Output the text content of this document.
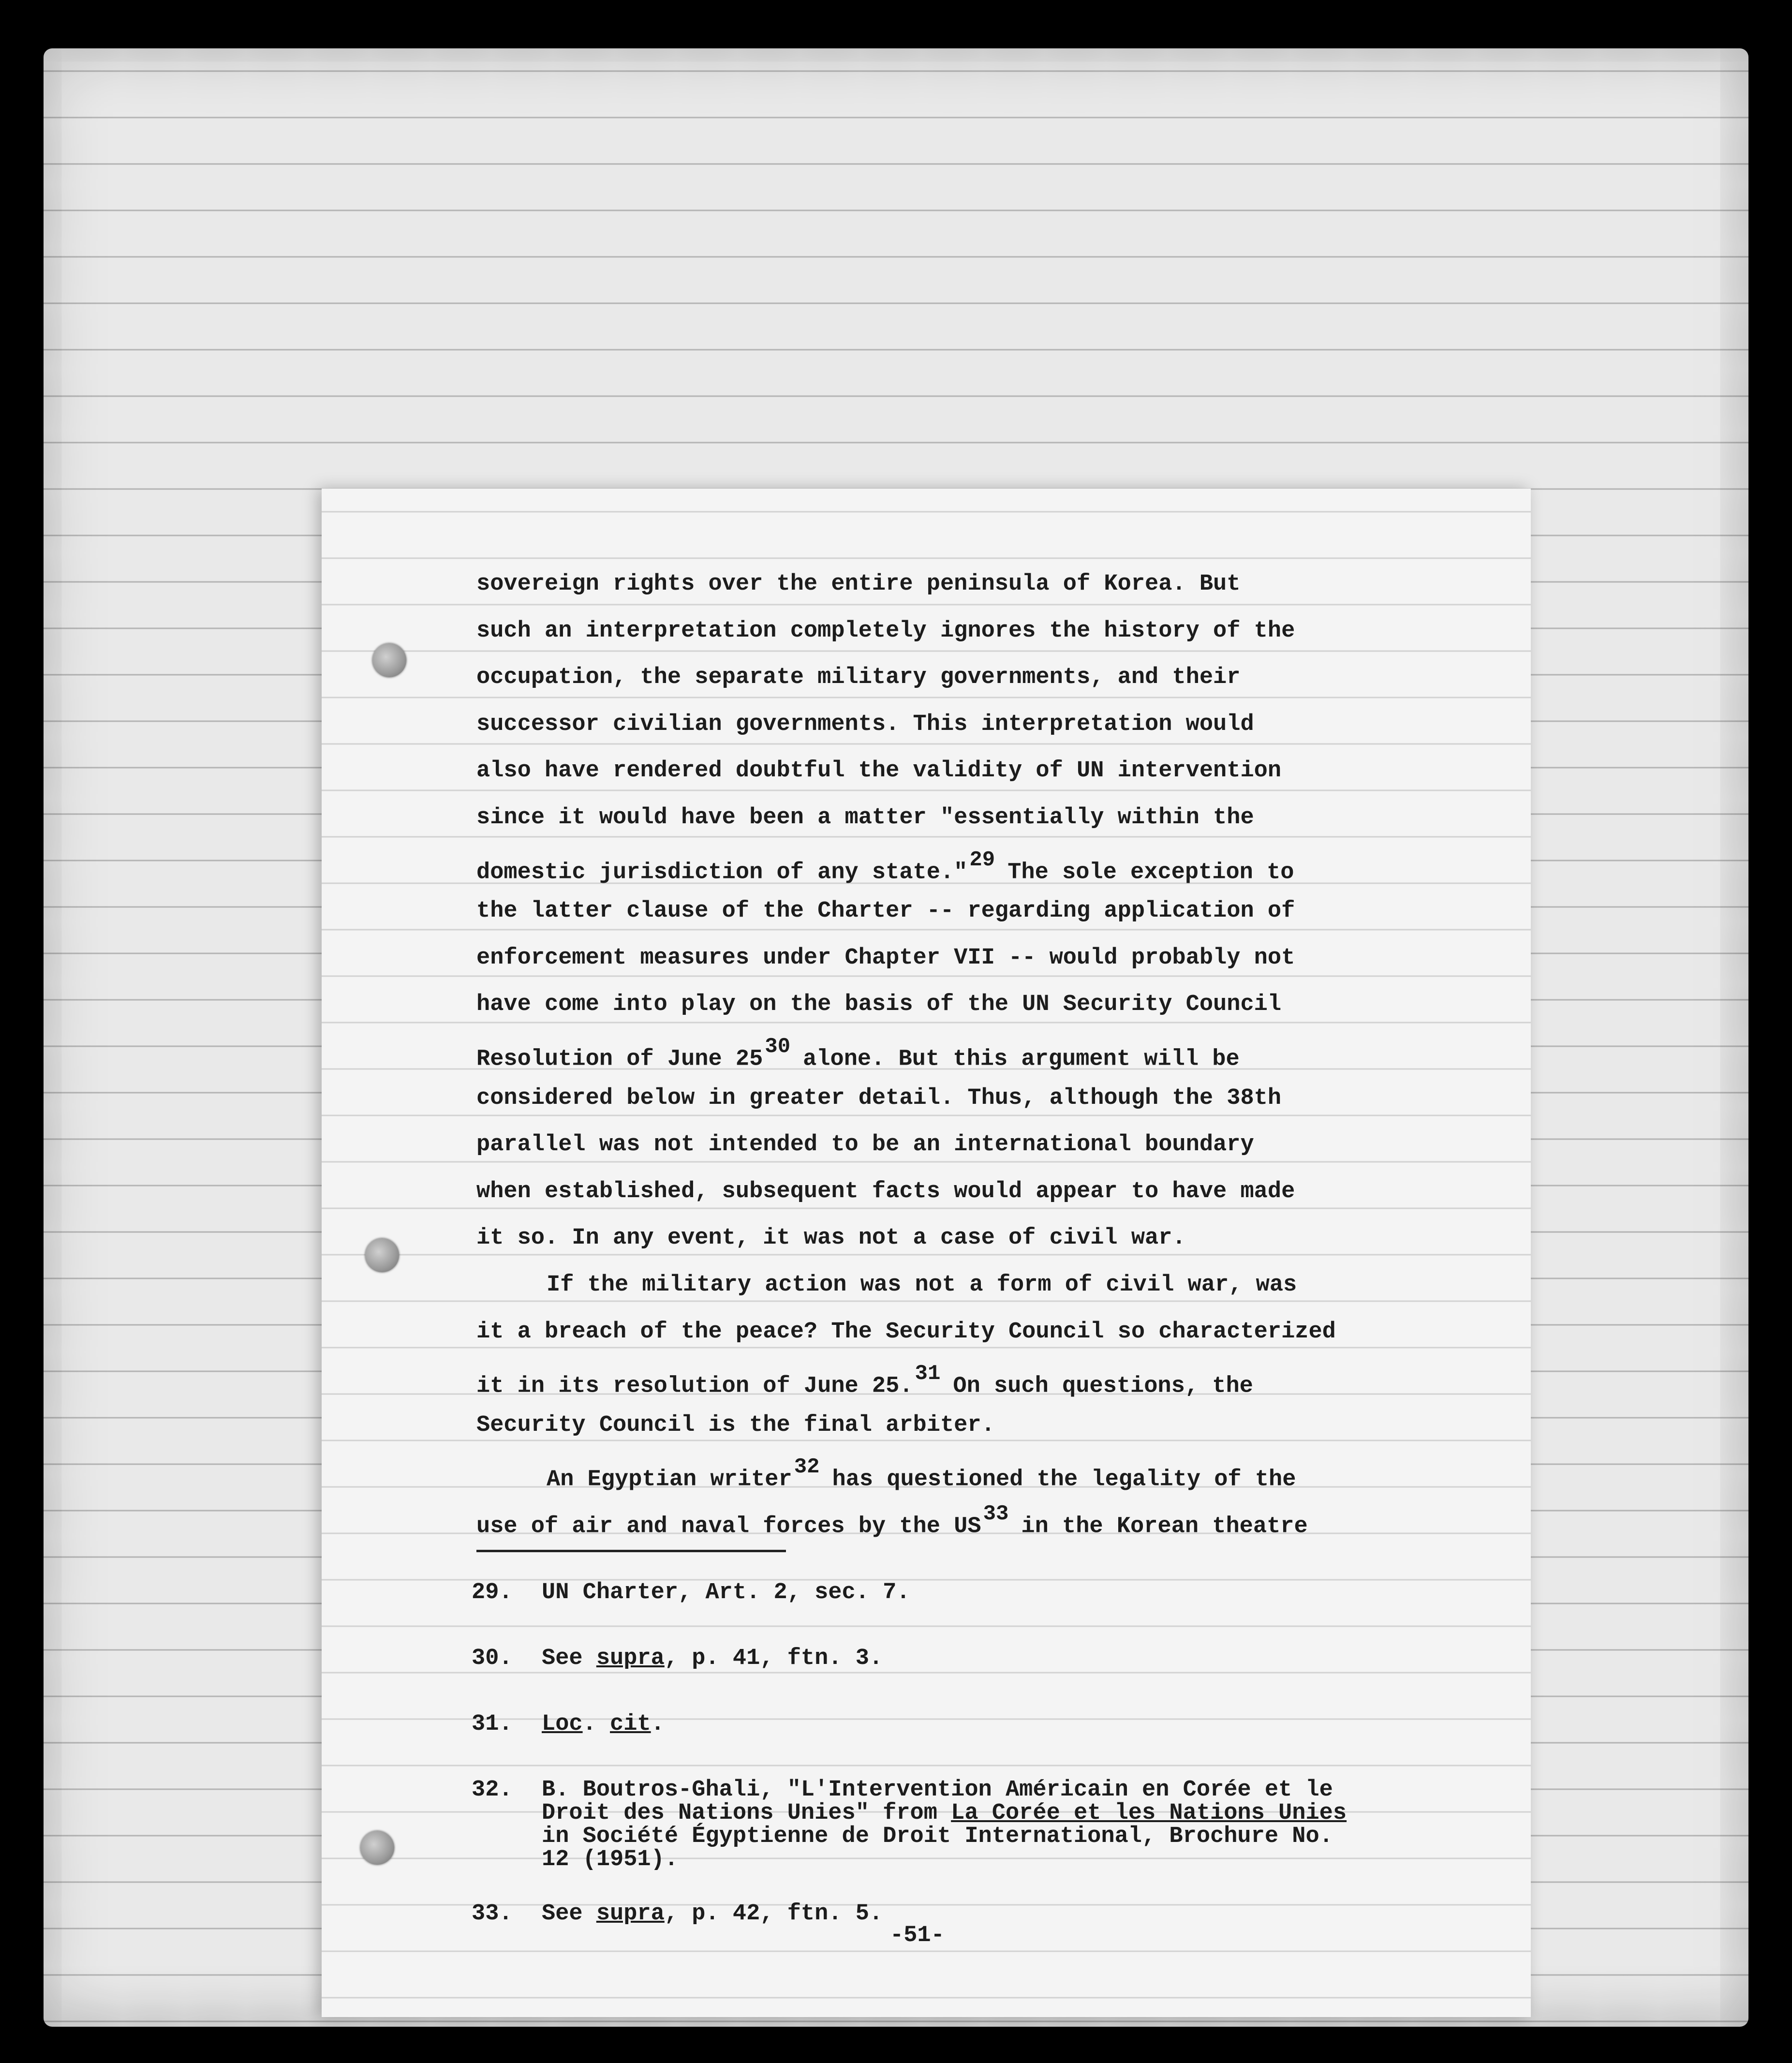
sovereign rights over the entire peninsula of Korea. But
such an interpretation completely ignores the history of the
occupation, the separate military governments, and their
successor civilian governments. This interpretation would
also have rendered doubtful the validity of UN intervention
since it would have been a matter "essentially within the
domestic jurisdiction of any state."$^{29}$ The sole exception to
the latter clause of the Charter -- regarding application of
enforcement measures under Chapter VII -- would probably not
have come into play on the basis of the UN Security Council
Resolution of June 25$^{30}$ alone. But this argument will be
considered below in greater detail. Thus, although the 38th
parallel was not intended to be an international boundary
when established, subsequent facts would appear to have made
it so. In any event, it was not a case of civil war.
If the military action was not a form of civil war, was
it a breach of the peace? The Security Council so characterized
it in its resolution of June 25.31 On such questions, the
Security Council is the final arbiter.
An Egyptian writer$^{32}$ has questioned the legality of the
use of air and naval forces by the US$^{33}$ in the Korean theatre
29.	UN Charter, Art. 2, sec. 7.
30.	See supra, p. 41, ftn. 3.
31.	Loc. cit.
32.	B. Boutros-Ghali, "L'Intervention Américain en Corée et le
Droit des Nations Unies" from La Corée et les Nations Unies
in Société Égyptienne de Droit International, Brochure No.
12 (1951).
33.	See supra, p. 42, ftn. 5.
-51-
